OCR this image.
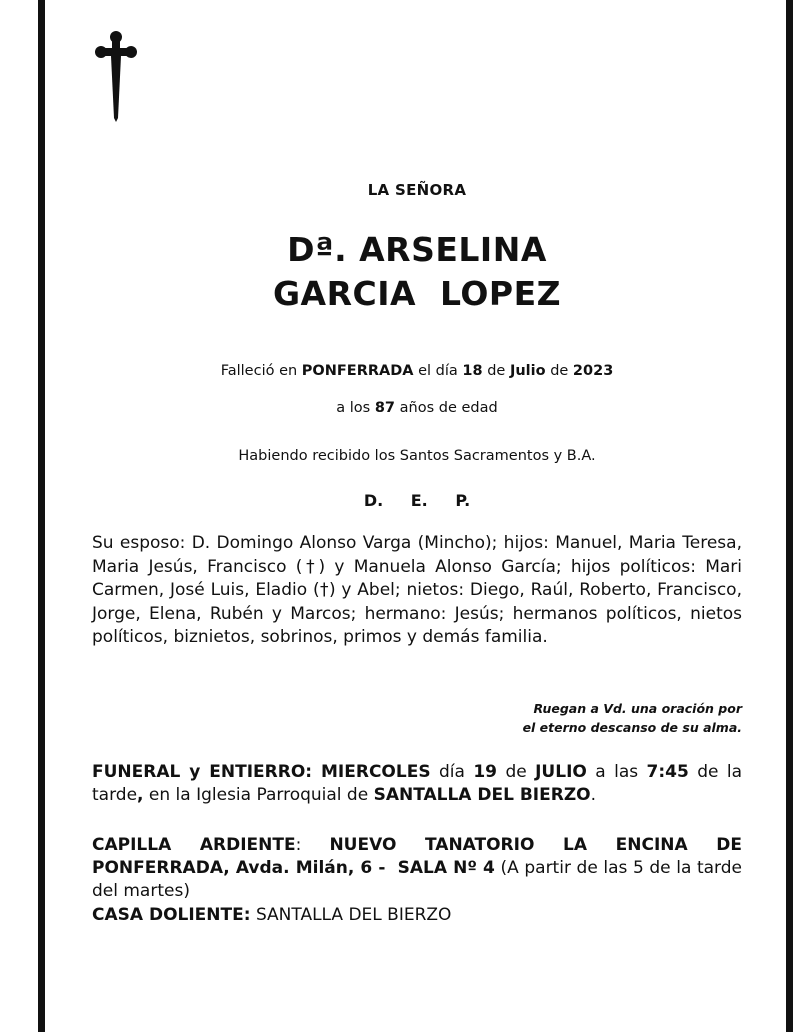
LA SEÑORA
Dª. ARSELINA
GARCIA  LOPEZ
Falleció en PONFERRADA el día 18 de Julio de 2023
a los 87 años de edad
Habiendo recibido los Santos Sacramentos y B.A.
D. E. P.
Su esposo: D. Domingo Alonso Varga (Mincho); hijos: Manuel, Maria Teresa, Maria Jesús, Francisco (†) y Manuela Alonso García; hijos políticos: Mari Carmen, José Luis, Eladio (†) y Abel; nietos: Diego, Raúl, Roberto, Francisco, Jorge, Elena, Rubén y Marcos; hermano: Jesús; hermanos políticos, nietos políticos, biznietos, sobrinos, primos y demás familia.
Ruegan a Vd. una oración por
el eterno descanso de su alma.
FUNERAL y ENTIERRO: MIERCOLES día 19 de JULIO a las 7:45 de la tarde, en la Iglesia Parroquial de SANTALLA DEL BIERZO.
CAPILLA ARDIENTE: NUEVO TANATORIO LA ENCINA DE PONFERRADA, Avda. Milán, 6 -  SALA Nº 4 (A partir de las 5 de la tarde del martes)
CASA DOLIENTE: SANTALLA DEL BIERZO
